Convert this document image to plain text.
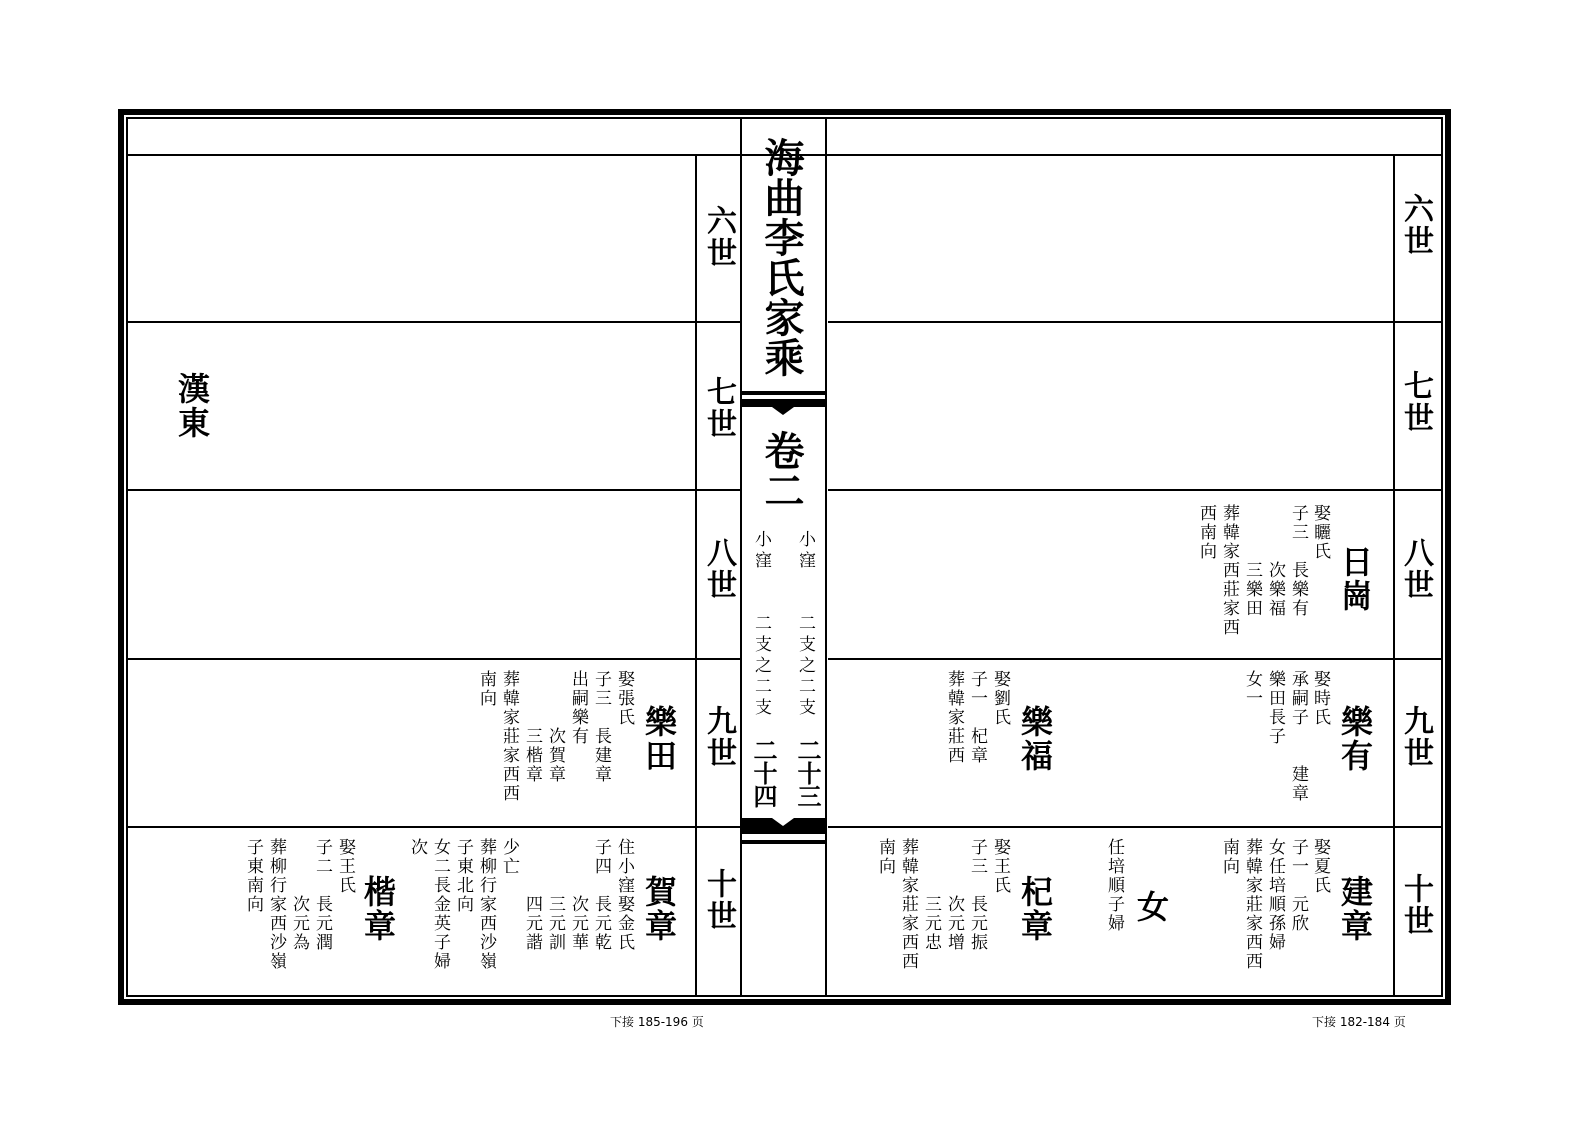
海曲李氏家乘
卷二
小窪　　二支之二支
小窪　　二支之二支
二十三
二十四
六世
七世
八世
九世
十世
六世
七世
八世
九世
十世
日崗
娶矖氏
子三　長樂有
　　　次樂福
　　　三樂田
葬韓家西莊家西
西南向
樂有
娶時氏
承嗣子　　建章
樂田長子
女一
樂福
娶劉氏
子一　杞章
葬韓家莊西
建章
娶夏氏
子一　元欣
女任培順孫婦
葬韓家莊家西西
南向
女
任培順子婦
杞章
娶王氏
子三　長元振
　　　次元增
　　　三元忠
葬韓家莊家西西
南向
漢東
樂田
娶張氏
子三　長建章
出嗣樂有
　　　次賀章
　　　三楷章
葬韓家莊家西西
南向
賀章
住小窪娶金氏
子四　長元乾
　　　次元華
　　　三元訓
　　　四元諧
少亡
葬柳行家西沙嶺
子東北向
女二長金英子婦
次
楷章
娶王氏
子二　長元潤
　　　次元為
葬柳行家西沙嶺
子東南向
下接 185-196 页	下接 182-184 页
